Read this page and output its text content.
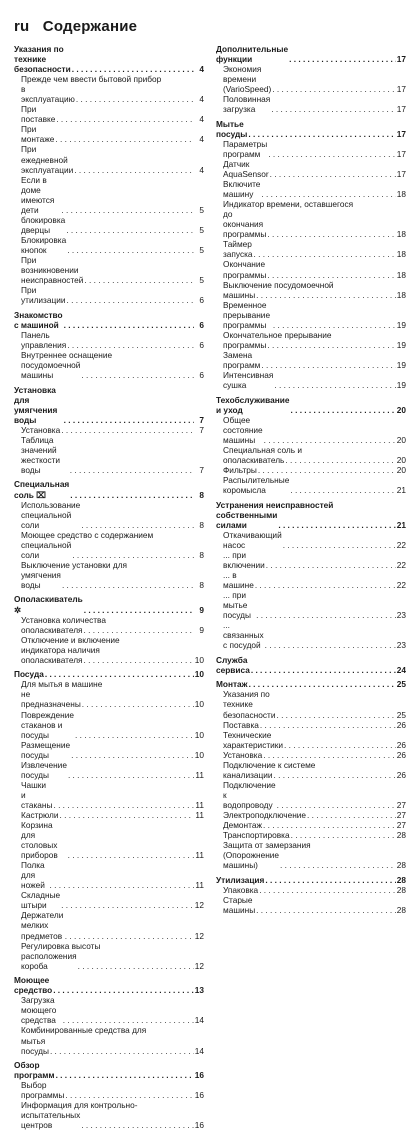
ru Содержание
Указания по технике безопасности . . .	4
Прежде чем ввести бытовой прибор
в эксплуатацию . . .	4
При поставке . . .	4
При монтаже . . .	4
При ежедневной эксплуатации . . .	4
Если в доме имеются дети . . .	5
блокировка дверцы . . .	5
Блокировка кнопок . . .	5
При возникновении неисправностей . . .	5
При утилизации . . .	6
Знакомство с машиной . . .	6
Панель управления . . .	6
Внутреннее оснащение
посудомоечной машины . . .	6
Установка для умягчения воды . . .	7
Установка . . .	7
Таблица значений жесткости воды . . .	7
Специальная соль ⌧ . . .	8
Использование специальной соли . . .	8
Моющее средство с содержанием
специальной соли . . .	8
Выключение установки для
умягчения воды . . .	8
Ополаскиватель ✲ . . .	9
Установка количества
ополаскивателя . . .	9
Отключение и включение
индикатора наличия
ополаскивателя . . .	10
Посуда . . .	10
Для мытья в машине
не предназначены . . .	10
Повреждение стаканов и посуды . . .	10
Размещение посуды . . .	10
Извлечение посуды . . .	11
Чашки и стаканы . . .	11
Кастрюли . . .	11
Корзина для столовых приборов . . .	11
Полка для ножей . . .	11
Складные штыри . . .	12
Держатели мелких предметов . . .	12
Регулировка высоты
расположения короба . . .	12
Моющее средство . . .	13
Загрузка моющего средства . . .	14
Комбинированные средства для
мытья посуды . . .	14
Обзор программ . . .	16
Выбор программы . . .	16
Информация для контрольно-
испытательных центров . . .	16
Дополнительные функции . . .	17
Экономия времени (VarioSpeed) . . .	17
Половинная загрузка . . .	17
Мытье посуды . . .	17
Параметры программ . . .	17
Датчик AquaSensor . . .	17
Включите машину . . .	18
Индикатор времени, оставшегося
до окончания программы . . .	18
Таймер запуска . . .	18
Окончание программы . . .	18
Выключение посудомоечной
машины . . .	18
Временное прерывание программы . . .	19
Окончательное прерывание
программы . . .	19
Замена программ . . .	19
Интенсивная сушка . . .	19
Техобслуживание и уход . . .	20
Общее состояние машины . . .	20
Специальная соль и
ополаскиватель . . .	20
Фильтры . . .	20
Распылительные коромысла . . .	21
Устранения неисправностей
собственными силами . . .	21
Откачивающий насос . . .	22
... при включении . . .	22
... в машине . . .	22
... при мытье посуды . . .	23
... связанных с посудой . . .	23
Служба сервиса . . .	24
Монтаж . . .	25
Указания по технике безопасности . . .	25
Поставка . . .	26
Технические характеристики . . .	26
Установка . . .	26
Подключение к системе
канализации . . .	26
Подключение к водопроводу . . .	27
Электроподключение . . .	27
Демонтаж . . .	27
Транспортировка . . .	28
Защита от замерзания
(Опорожнение машины) . . .	28
Утилизация . . .	28
Упаковка . . .	28
Старые машины . . .	28
